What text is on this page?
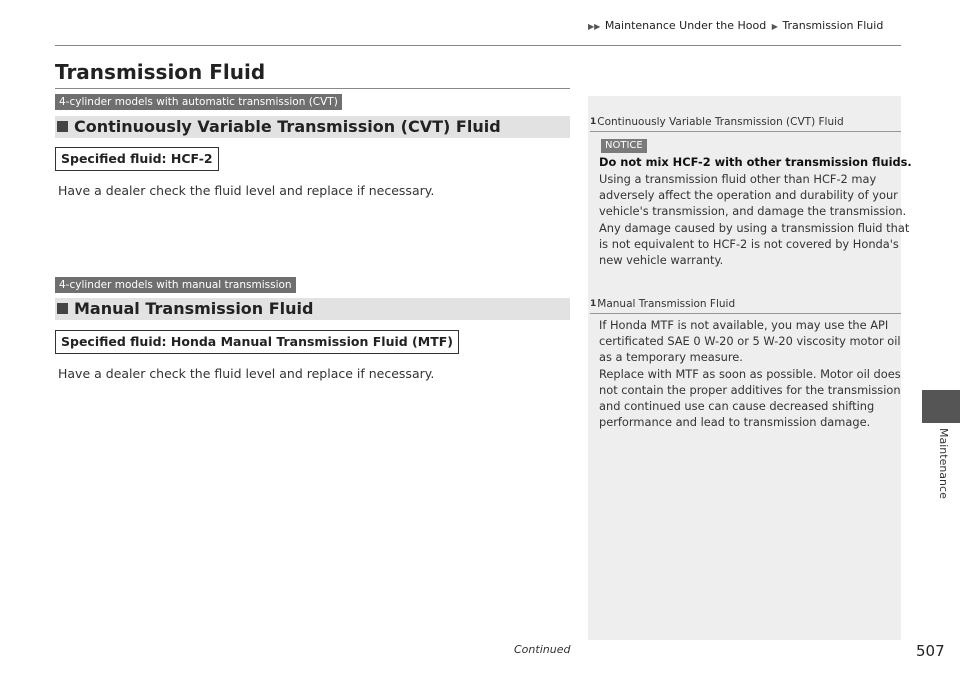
▶▶ Maintenance Under the Hood ▶ Transmission Fluid
Transmission Fluid
4-cylinder models with automatic transmission (CVT)
Continuously Variable Transmission (CVT) Fluid
Specified fluid: HCF-2
Have a dealer check the fluid level and replace if necessary.
4-cylinder models with manual transmission
Manual Transmission Fluid
Specified fluid: Honda Manual Transmission Fluid (MTF)
Have a dealer check the fluid level and replace if necessary.
1Continuously Variable Transmission (CVT) Fluid
NOTICE
Do not mix HCF-2 with other transmission fluids.
Using a transmission fluid other than HCF-2 may
adversely affect the operation and durability of your
vehicle's transmission, and damage the transmission.
Any damage caused by using a transmission fluid that
is not equivalent to HCF-2 is not covered by Honda's
new vehicle warranty.
1Manual Transmission Fluid
If Honda MTF is not available, you may use the API
certificated SAE 0 W-20 or 5 W-20 viscosity motor oil
as a temporary measure.
Replace with MTF as soon as possible. Motor oil does
not contain the proper additives for the transmission
and continued use can cause decreased shifting
performance and lead to transmission damage.
Continued	507
Maintenance
